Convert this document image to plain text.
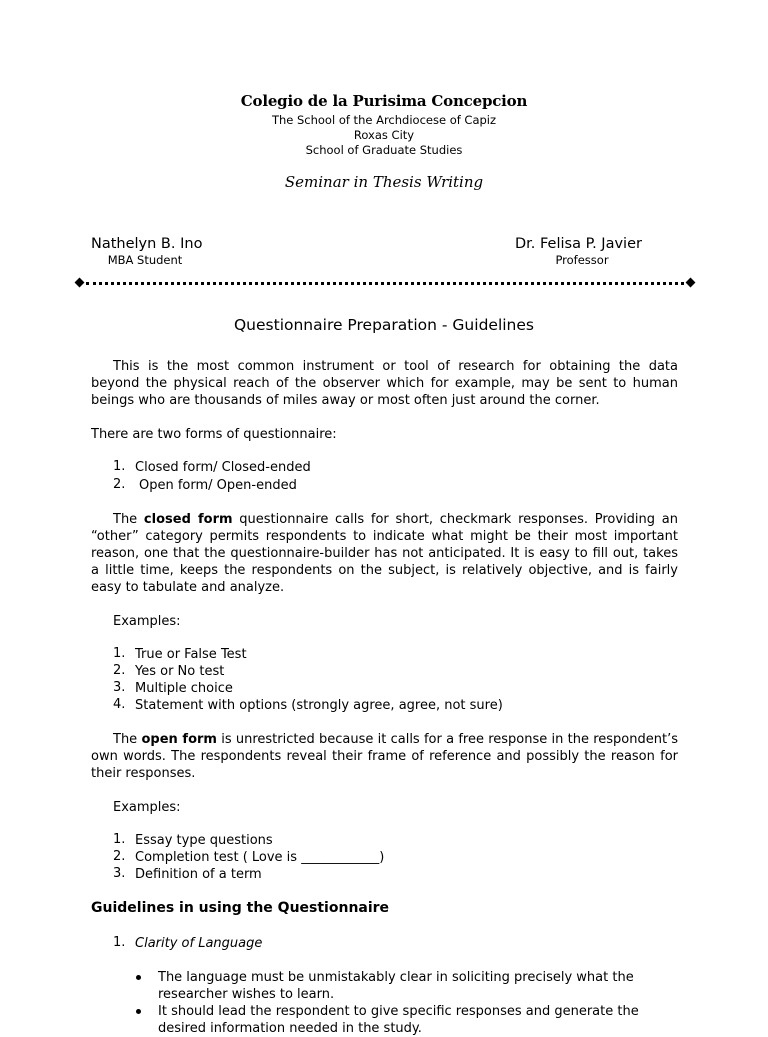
Colegio de la Purisima Concepcion
The School of the Archdiocese of Capiz
Roxas City
School of Graduate Studies
Seminar in Thesis Writing
Nathelyn B. Ino
MBA Student
Dr. Felisa P. Javier
Professor
Questionnaire Preparation - Guidelines
This is the most common instrument or tool of research for obtaining the data
beyond the physical reach of the observer which for example, may be sent to human
beings who are thousands of miles away or most often just around the corner.
There are two forms of questionnaire:
1. Closed form/ Closed-ended
2. Open form/ Open-ended
The closed form questionnaire calls for short, checkmark responses. Providing an
“other” category permits respondents to indicate what might be their most important
reason, one that the questionnaire-builder has not anticipated. It is easy to fill out, takes
a little time, keeps the respondents on the subject, is relatively objective, and is fairly
easy to tabulate and analyze.
Examples:
1. True or False Test
2. Yes or No test
3. Multiple choice
4. Statement with options (strongly agree, agree, not sure)
The open form is unrestricted because it calls for a free response in the respondent’s
own words. The respondents reveal their frame of reference and possibly the reason for
their responses.
Examples:
1. Essay type questions
2. Completion test ( Love is ____________)
3. Definition of a term
Guidelines in using the Questionnaire
1. Clarity of Language
The language must be unmistakably clear in soliciting precisely what the
researcher wishes to learn.
It should lead the respondent to give specific responses and generate the
desired information needed in the study.
